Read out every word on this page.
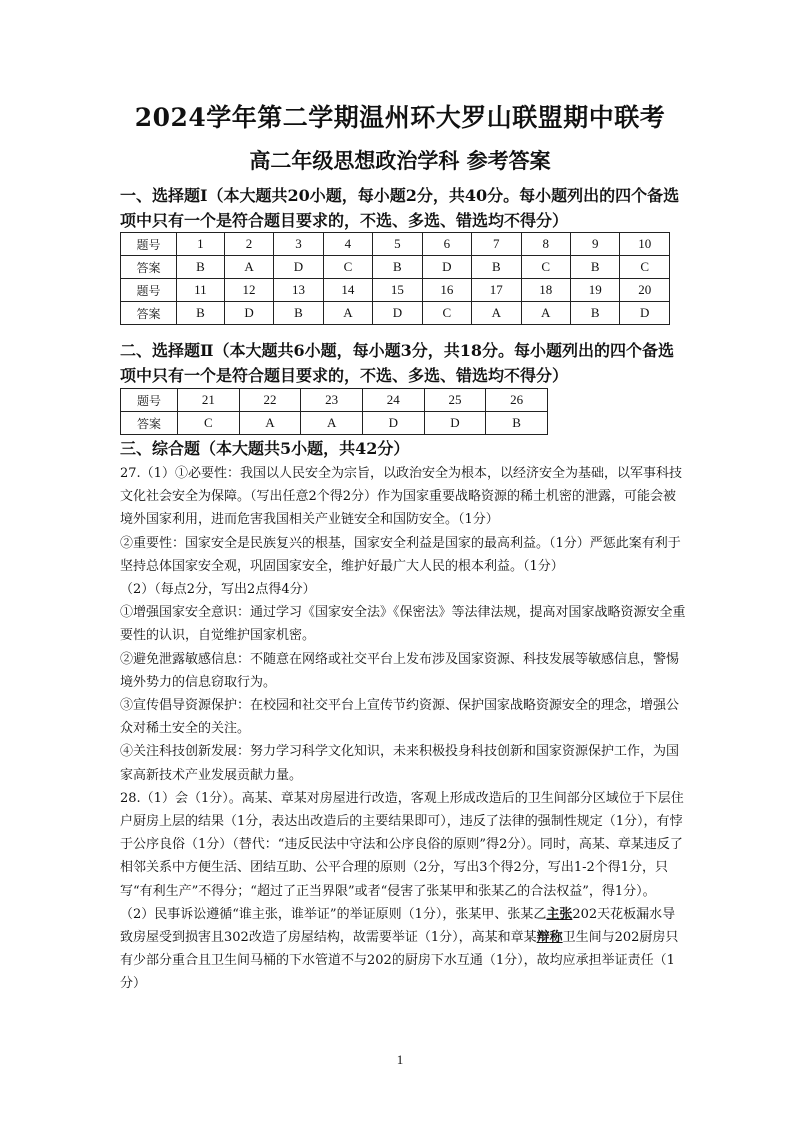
2024学年第二学期温州环大罗山联盟期中联考
高二年级思想政治学科 参考答案
一、选择题Ⅰ（本大题共20小题，每小题2分，共40分。每小题列出的四个备选项中只有一个是符合题目要求的，不选、多选、错选均不得分）
题号	1	2	3	4	5	6	7	8	9	10
答案	B	A	D	C	B	D	B	C	B	C
题号	11	12	13	14	15	16	17	18	19	20
答案	B	D	B	A	D	C	A	A	B	D
二、选择题Ⅱ（本大题共6小题，每小题3分，共18分。每小题列出的四个备选项中只有一个是符合题目要求的，不选、多选、错选均不得分）
题号	21	22	23	24	25	26
答案	C	A	A	D	D	B
三、综合题（本大题共5小题，共42分）

27.（1）①必要性：我国以人民安全为宗旨，以政治安全为根本，以经济安全为基础，以军事科技文化社会安全为保障。（写出任意2个得2分）作为国家重要战略资源的稀土机密的泄露，可能会被境外国家利用，进而危害我国相关产业链安全和国防安全。（1分）

②重要性：国家安全是民族复兴的根基，国家安全利益是国家的最高利益。（1分）严惩此案有利于坚持总体国家安全观，巩固国家安全，维护好最广大人民的根本利益。（1分）

（2）（每点2分，写出2点得4分）

①增强国家安全意识：通过学习《国家安全法》《保密法》等法律法规，提高对国家战略资源安全重要性的认识，自觉维护国家机密。

②避免泄露敏感信息：不随意在网络或社交平台上发布涉及国家资源、科技发展等敏感信息，警惕境外势力的信息窃取行为。

③宣传倡导资源保护：在校园和社交平台上宣传节约资源、保护国家战略资源安全的理念，增强公众对稀土安全的关注。

④关注科技创新发展：努力学习科学文化知识，未来积极投身科技创新和国家资源保护工作，为国家高新技术产业发展贡献力量。

28.（1）会（1分）。高某、章某对房屋进行改造，客观上形成改造后的卫生间部分区域位于下层住户厨房上层的结果（1分，表达出改造后的主要结果即可），违反了法律的强制性规定（1分），有悖于公序良俗（1分）（替代：“违反民法中守法和公序良俗的原则”得2分）。同时，高某、章某违反了相邻关系中方便生活、团结互助、公平合理的原则（2分，写出3个得2分，写出1-2个得1分，只写“有利生产”不得分；“超过了正当界限”或者“侵害了张某甲和张某乙的合法权益”，得1分）。

（2）民事诉讼遵循“谁主张，谁举证”的举证原则（1分），张某甲、张某乙主张202天花板漏水导致房屋受到损害且302改造了房屋结构，故需要举证（1分），高某和章某辩称卫生间与202厨房只有少部分重合且卫生间马桶的下水管道不与202的厨房下水互通（1分），故均应承担举证责任（1分）

1
